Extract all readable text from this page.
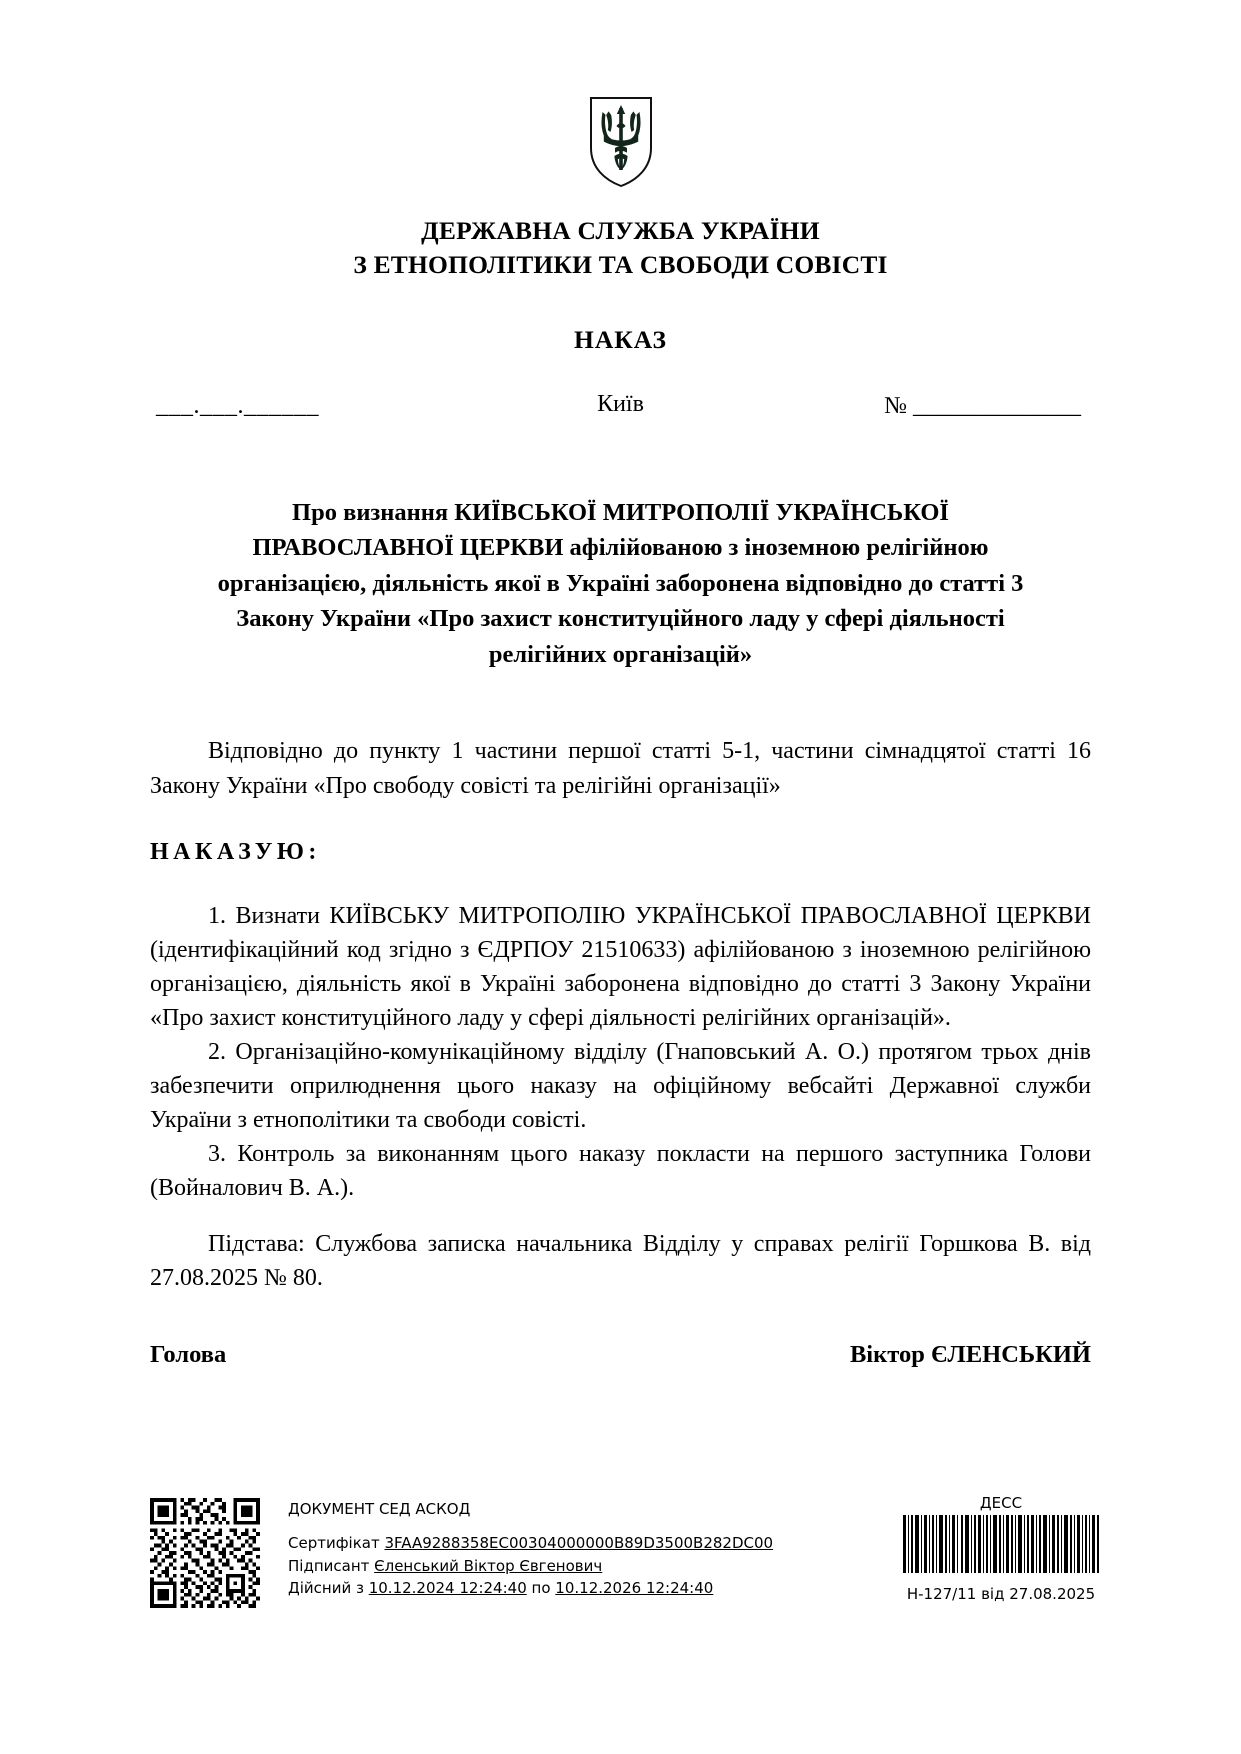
ДЕРЖАВНА СЛУЖБА УКРАЇНИ
З ЕТНОПОЛІТИКИ ТА СВОБОДИ СОВІСТІ
НАКАЗ
___.___.______	Київ	№ ______________
Про визнання КИЇВСЬКОЇ МИТРОПОЛІЇ УКРАЇНСЬКОЇ ПРАВОСЛАВНОЇ ЦЕРКВИ афілійованою з іноземною релігійною організацією, діяльність якої в Україні заборонена відповідно до статті 3 Закону України «Про захист конституційного ладу у сфері діяльності релігійних організацій»

Відповідно до пункту 1 частини першої статті 5-1, частини сімнадцятої статті 16 Закону України «Про свободу совісті та релігійні організації»

НАКАЗУЮ:

1. Визнати КИЇВСЬКУ МИТРОПОЛІЮ УКРАЇНСЬКОЇ ПРАВОСЛАВНОЇ ЦЕРКВИ (ідентифікаційний код згідно з ЄДРПОУ 21510633) афілійованою з іноземною релігійною організацією, діяльність якої в Україні заборонена відповідно до статті 3 Закону України «Про захист конституційного ладу у сфері діяльності релігійних організацій».

2. Організаційно-комунікаційному відділу (Гнаповський А. О.) протягом трьох днів забезпечити оприлюднення цього наказу на офіційному вебсайті Державної служби України з етнополітики та свободи совісті.

3. Контроль за виконанням цього наказу покласти на першого заступника Голови (Войналович В. А.).

Підстава: Службова записка начальника Відділу у справах релігії Горшкова В. від 27.08.2025 № 80.

Голова	Віктор ЄЛЕНСЬКИЙ
ДОКУМЕНТ СЕД АСКОД
Сертифікат 3FAA9288358EC00304000000B89D3500B282DC00
Підписант Єленський Віктор Євгенович
Дійсний з 10.12.2024 12:24:40 по 10.12.2026 12:24:40
ДЕСС
Н-127/11 від 27.08.2025
